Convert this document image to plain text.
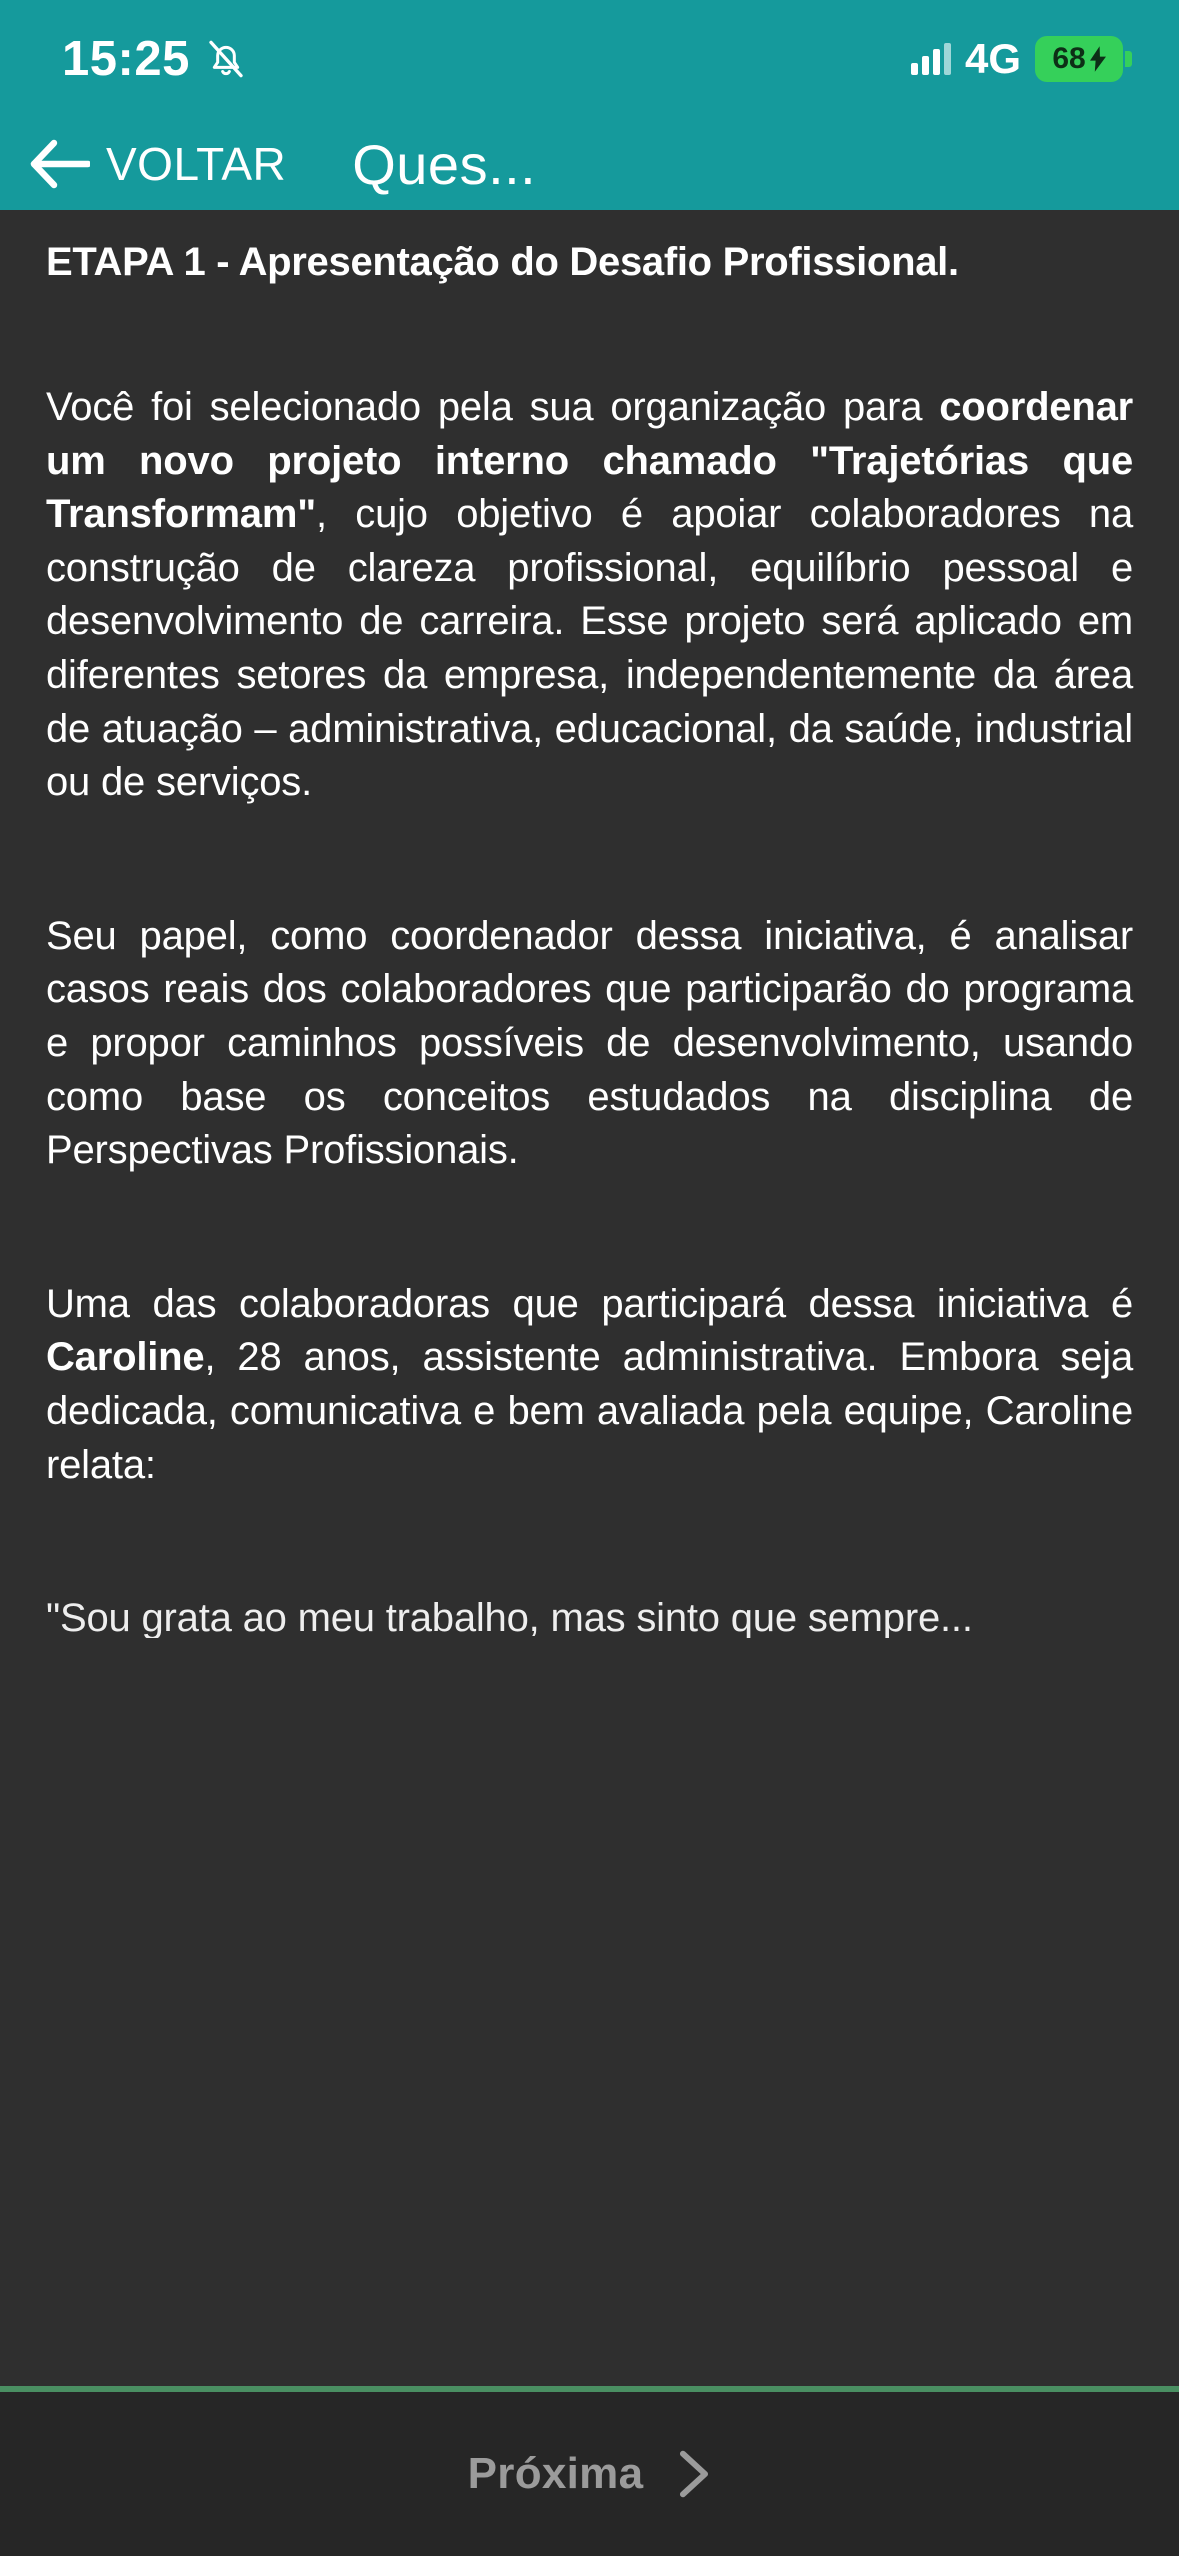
15:25	4G 68
VOLTAR Ques...
ETAPA 1 - Apresentação do Desafio Profissional.
Você foi selecionado pela sua organização para coordenar um novo projeto interno chamado "Trajetórias que Transformam", cujo objetivo é apoiar colaboradores na construção de clareza profissional, equilíbrio pessoal e desenvolvimento de carreira. Esse projeto será aplicado em diferentes setores da empresa, independentemente da área de atuação – administrativa, educacional, da saúde, industrial ou de serviços.
Seu papel, como coordenador dessa iniciativa, é analisar casos reais dos colaboradores que participarão do programa e propor caminhos possíveis de desenvolvimento, usando como base os conceitos estudados na disciplina de Perspectivas Profissionais.
Uma das colaboradoras que participará dessa iniciativa é Caroline, 28 anos, assistente administrativa. Embora seja dedicada, comunicativa e bem avaliada pela equipe, Caroline relata:
"Sou grata ao meu trabalho, mas sinto que sempre...
Próxima
